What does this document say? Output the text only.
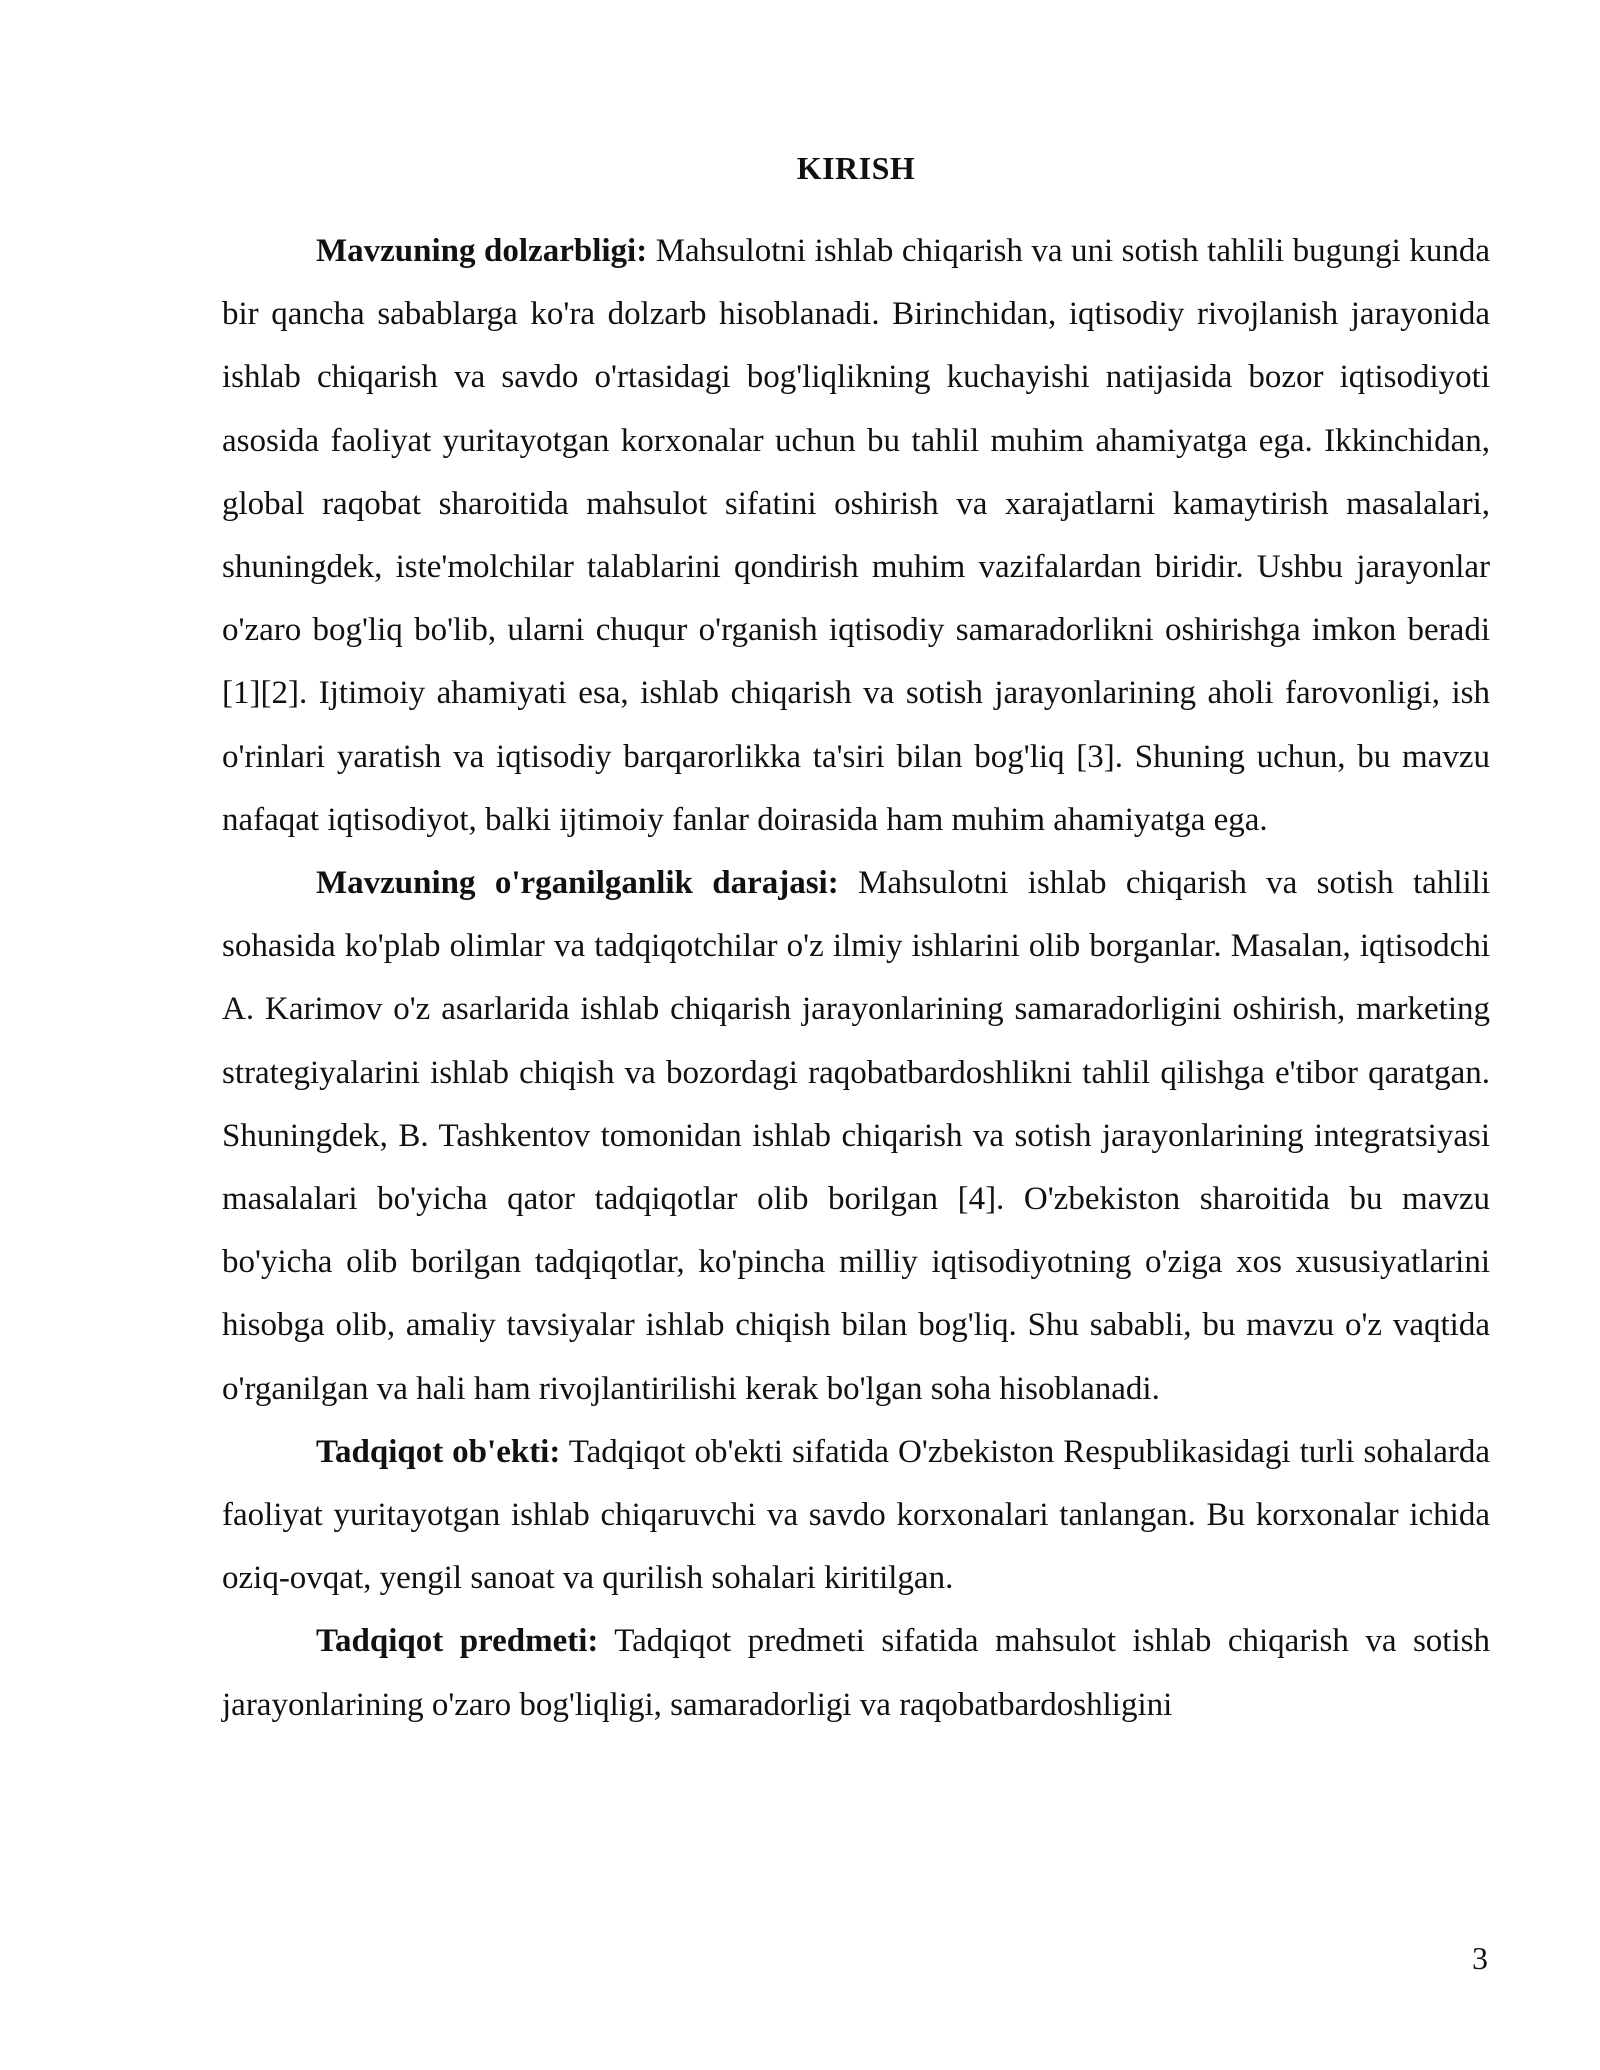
KIRISH

Mavzuning dolzarbligi: Mahsulotni ishlab chiqarish va uni sotish tahlili bugungi kunda bir qancha sabablarga ko'ra dolzarb hisoblanadi. Birinchidan, iqtisodiy rivojlanish jarayonida ishlab chiqarish va savdo o'rtasidagi bog'liqlikning kuchayishi natijasida bozor iqtisodiyoti asosida faoliyat yuritayotgan korxonalar uchun bu tahlil muhim ahamiyatga ega. Ikkinchidan, global raqobat sharoitida mahsulot sifatini oshirish va xarajatlarni kamaytirish masalalari, shuningdek, iste'molchilar talablarini qondirish muhim vazifalardan biridir. Ushbu jarayonlar o'zaro bog'liq bo'lib, ularni chuqur o'rganish iqtisodiy samaradorlikni oshirishga imkon beradi [1][2]. Ijtimoiy ahamiyati esa, ishlab chiqarish va sotish jarayonlarining aholi farovonligi, ish o'rinlari yaratish va iqtisodiy barqarorlikka ta'siri bilan bog'liq [3]. Shuning uchun, bu mavzu nafaqat iqtisodiyot, balki ijtimoiy fanlar doirasida ham muhim ahamiyatga ega.

Mavzuning o'rganilganlik darajasi: Mahsulotni ishlab chiqarish va sotish tahlili sohasida ko'plab olimlar va tadqiqotchilar o'z ilmiy ishlarini olib borganlar. Masalan, iqtisodchi A. Karimov o'z asarlarida ishlab chiqarish jarayonlarining samaradorligini oshirish, marketing strategiyalarini ishlab chiqish va bozordagi raqobatbardoshlikni tahlil qilishga e'tibor qaratgan. Shuningdek, B. Tashkentov tomonidan ishlab chiqarish va sotish jarayonlarining integratsiyasi masalalari bo'yicha qator tadqiqotlar olib borilgan [4]. O'zbekiston sharoitida bu mavzu bo'yicha olib borilgan tadqiqotlar, ko'pincha milliy iqtisodiyotning o'ziga xos xususiyatlarini hisobga olib, amaliy tavsiyalar ishlab chiqish bilan bog'liq. Shu sababli, bu mavzu o'z vaqtida o'rganilgan va hali ham rivojlantirilishi kerak bo'lgan soha hisoblanadi.

Tadqiqot ob'ekti: Tadqiqot ob'ekti sifatida O'zbekiston Respublikasidagi turli sohalarda faoliyat yuritayotgan ishlab chiqaruvchi va savdo korxonalari tanlangan. Bu korxonalar ichida oziq-ovqat, yengil sanoat va qurilish sohalari kiritilgan.

Tadqiqot predmeti: Tadqiqot predmeti sifatida mahsulot ishlab chiqarish va sotish jarayonlarining o'zaro bog'liqligi, samaradorligi va raqobatbardoshligini

3
